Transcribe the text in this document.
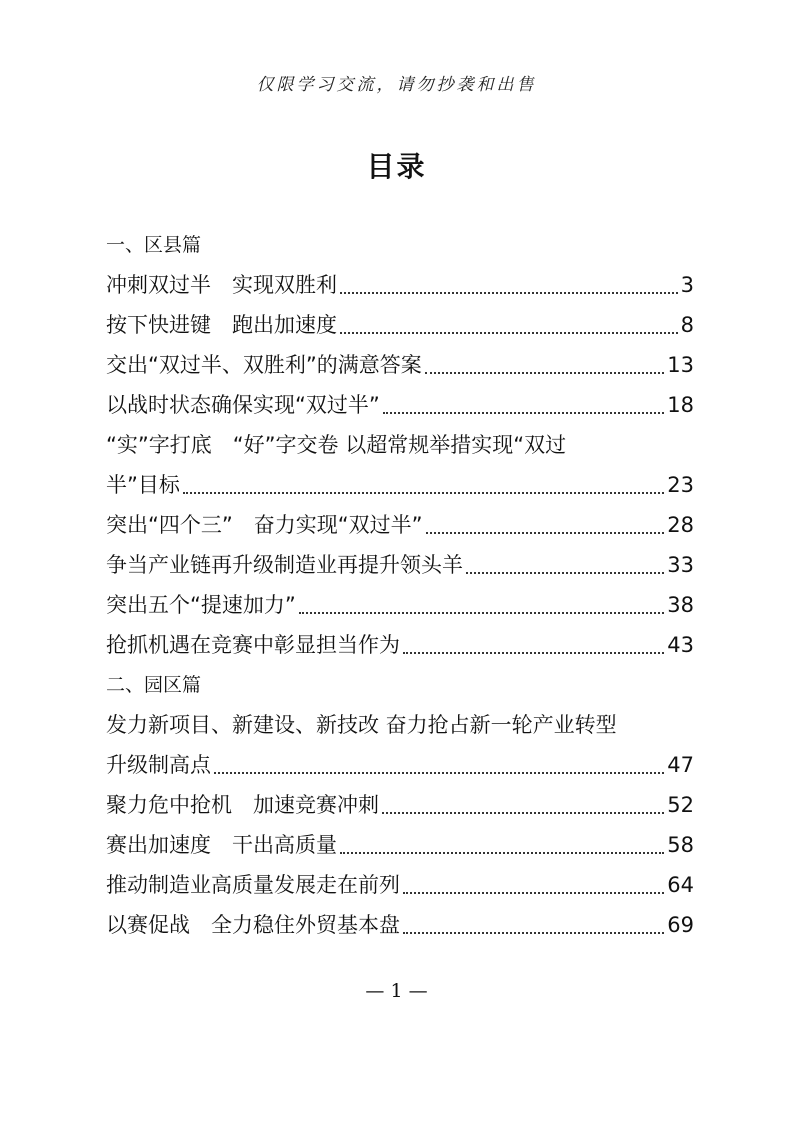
仅限学习交流，请勿抄袭和出售
目录
一、区县篇
冲刺双过半　实现双胜利	3
按下快进键　跑出加速度	8
交出“双过半、双胜利”的满意答案	13
以战时状态确保实现“双过半”	18
“实”字打底　“好”字交卷 以超常规举措实现“双过
半”目标	23
突出“四个三”　奋力实现“双过半”	28
争当产业链再升级制造业再提升领头羊	33
突出五个“提速加力”	38
抢抓机遇在竞赛中彰显担当作为	43
二、园区篇
发力新项目、新建设、新技改 奋力抢占新一轮产业转型
升级制高点	47
聚力危中抢机　加速竞赛冲刺	52
赛出加速度　干出高质量	58
推动制造业高质量发展走在前列	64
以赛促战　全力稳住外贸基本盘	69
— 1 —
